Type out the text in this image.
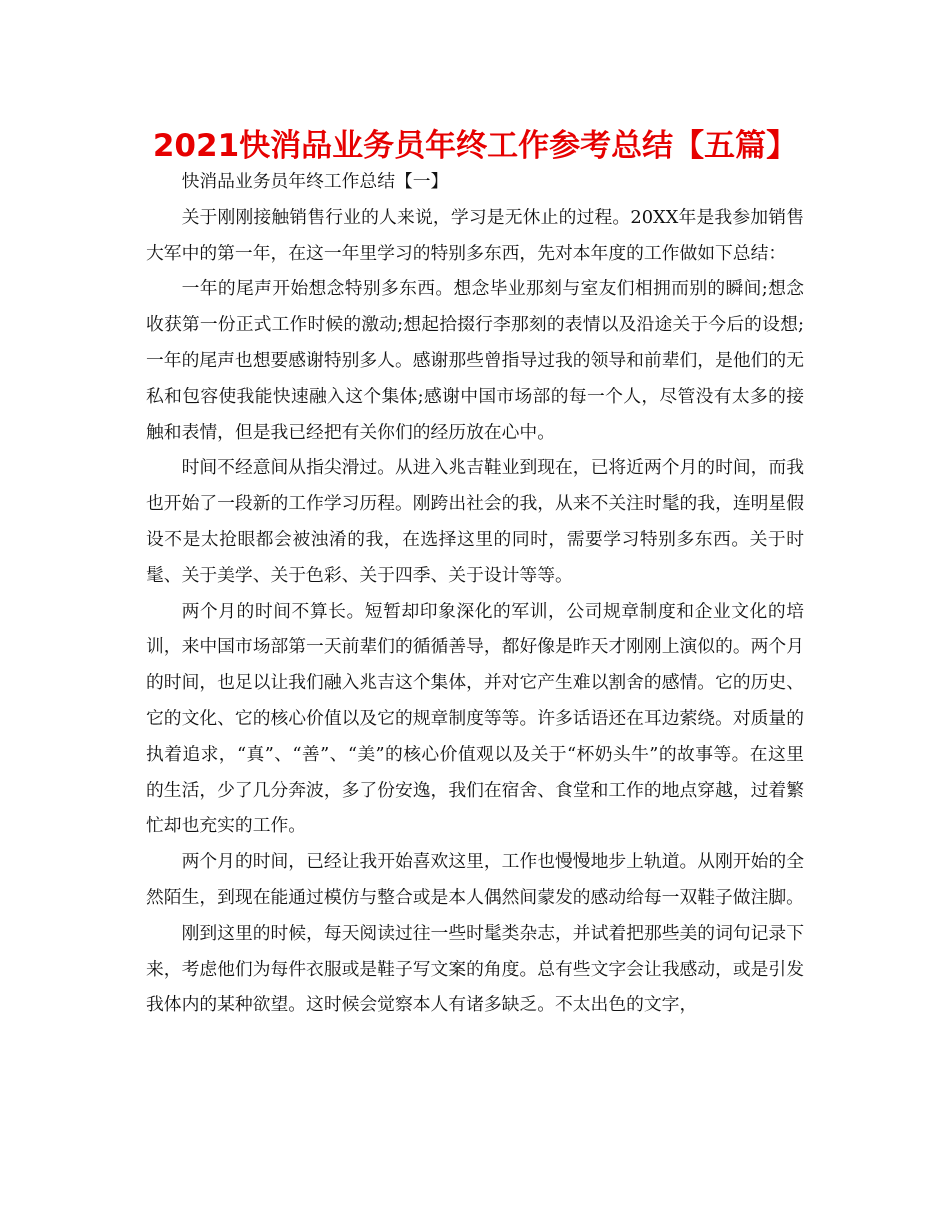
2021快消品业务员年终工作参考总结【五篇】

快消品业务员年终工作总结【一】

关于刚刚接触销售行业的人来说，学习是无休止的过程。20XX年是我参加销售大军中的第一年，在这一年里学习的特别多东西，先对本年度的工作做如下总结：

一年的尾声开始想念特别多东西。想念毕业那刻与室友们相拥而别的瞬间;想念收获第一份正式工作时候的激动;想起拾掇行李那刻的表情以及沿途关于今后的设想;一年的尾声也想要感谢特别多人。感谢那些曾指导过我的领导和前辈们，是他们的无私和包容使我能快速融入这个集体;感谢中国市场部的每一个人，尽管没有太多的接触和表情，但是我已经把有关你们的经历放在心中。

时间不经意间从指尖滑过。从进入兆吉鞋业到现在，已将近两个月的时间，而我也开始了一段新的工作学习历程。刚跨出社会的我，从来不关注时髦的我，连明星假设不是太抢眼都会被浊淆的我，在选择这里的同时，需要学习特别多东西。关于时髦、关于美学、关于色彩、关于四季、关于设计等等。

两个月的时间不算长。短暂却印象深化的军训，公司规章制度和企业文化的培训，来中国市场部第一天前辈们的循循善导，都好像是昨天才刚刚上演似的。两个月的时间，也足以让我们融入兆吉这个集体，并对它产生难以割舍的感情。它的历史、它的文化、它的核心价值以及它的规章制度等等。许多话语还在耳边萦绕。对质量的执着追求，“真”、“善”、“美”的核心价值观以及关于“杯奶头牛”的故事等。在这里的生活，少了几分奔波，多了份安逸，我们在宿舍、食堂和工作的地点穿越，过着繁忙却也充实的工作。

两个月的时间，已经让我开始喜欢这里，工作也慢慢地步上轨道。从刚开始的全然陌生，到现在能通过模仿与整合或是本人偶然间蒙发的感动给每一双鞋子做注脚。

刚到这里的时候，每天阅读过往一些时髦类杂志，并试着把那些美的词句记录下来，考虑他们为每件衣服或是鞋子写文案的角度。总有些文字会让我感动，或是引发我体内的某种欲望。这时候会觉察本人有诸多缺乏。不太出色的文字，
